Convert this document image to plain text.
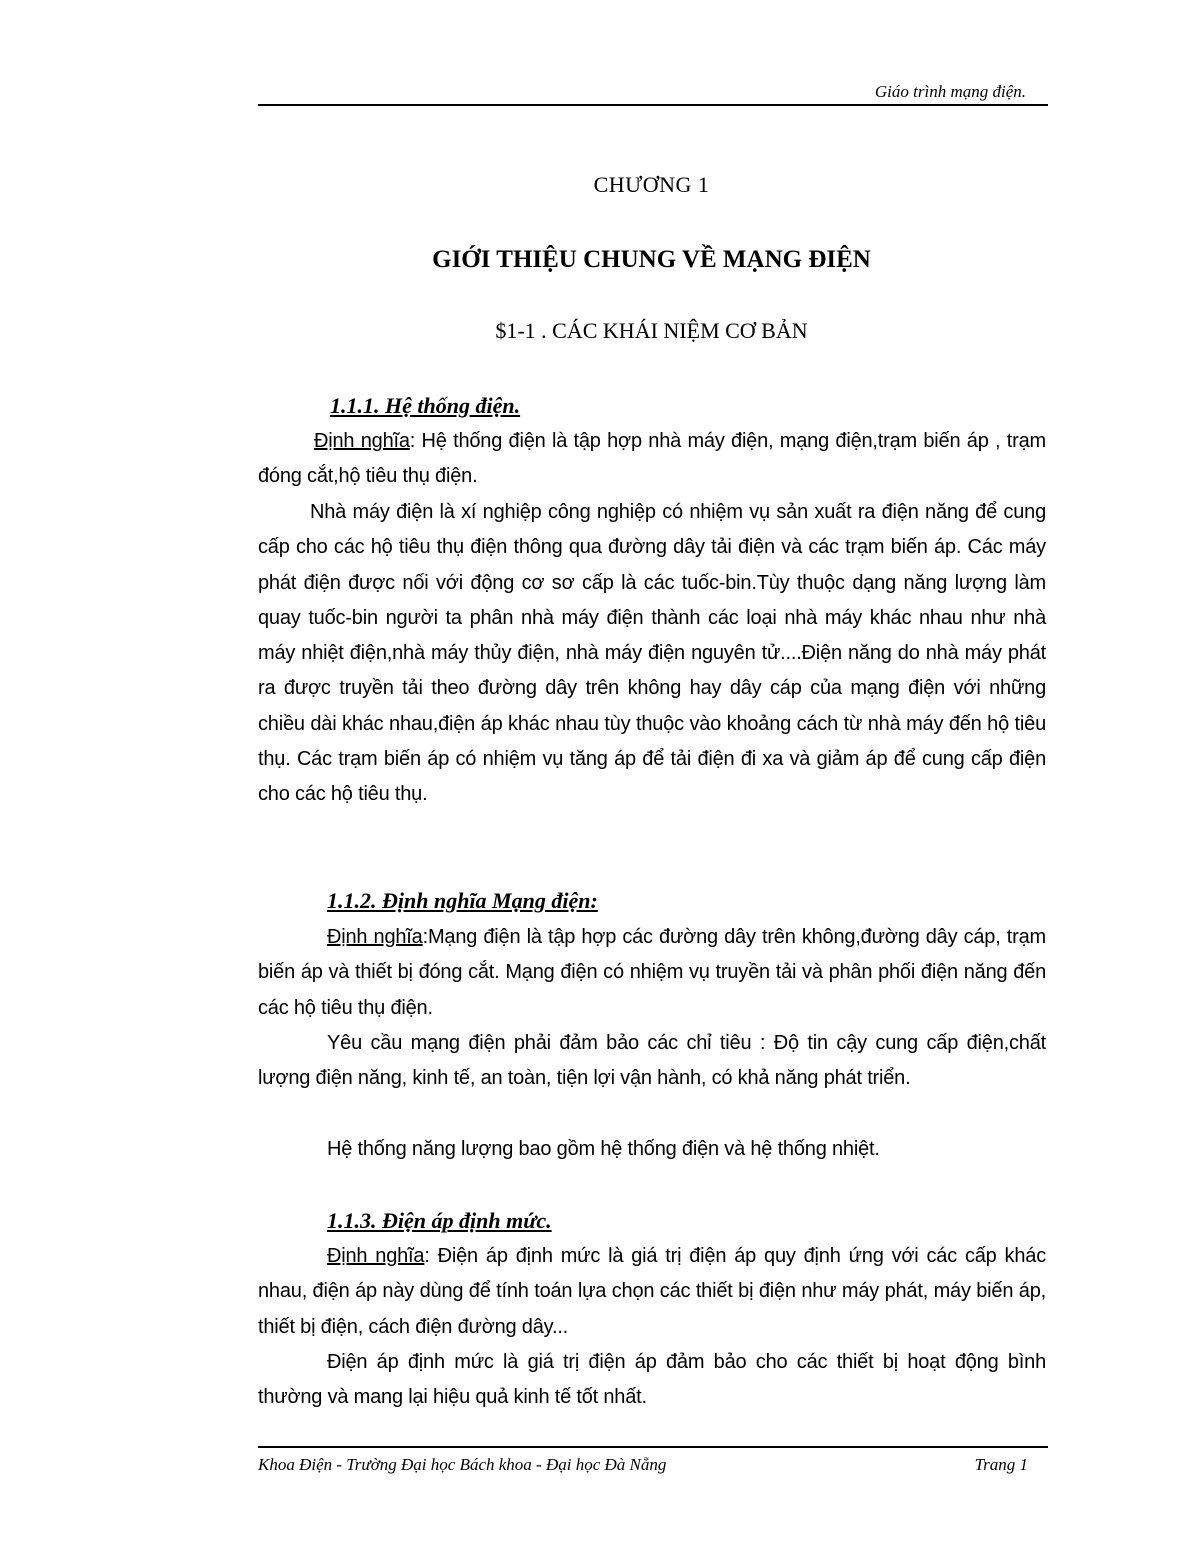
Giáo trình mạng điện.
CHƯƠNG 1
GIỚI THIỆU CHUNG VỀ MẠNG ĐIỆN
$1-1 . CÁC KHÁI NIỆM CƠ BẢN
1.1.1. Hệ thống điện.
Định nghĩa: Hệ thống điện là tập hợp nhà máy điện, mạng điện,trạm biến áp , trạm đóng cắt,hộ tiêu thụ điện.
Nhà máy điện là xí nghiệp công nghiệp có nhiệm vụ sản xuất ra điện năng để cung cấp cho các hộ tiêu thụ điện thông qua đường dây tải điện và các trạm biến áp. Các máy phát điện được nối với động cơ sơ cấp là các tuốc-bin.Tùy thuộc dạng năng lượng làm quay tuốc-bin người ta phân nhà máy điện thành các loại nhà máy khác nhau như nhà máy nhiệt điện,nhà máy thủy điện, nhà máy điện nguyên tử....Điện năng do nhà máy phát ra được truyền tải theo đường dây trên không hay dây cáp của mạng điện với những chiều dài khác nhau,điện áp khác nhau tùy thuộc vào khoảng cách từ nhà máy đến hộ tiêu thụ. Các trạm biến áp có nhiệm vụ tăng áp để tải điện đi xa và giảm áp để cung cấp điện cho các hộ tiêu thụ.
1.1.2. Định nghĩa Mạng điện:
Định nghĩa:Mạng điện là tập hợp các đường dây trên không,đường dây cáp, trạm biến áp và thiết bị đóng cắt. Mạng điện có nhiệm vụ truyền tải và phân phối điện năng đến các hộ tiêu thụ điện.
Yêu cầu mạng điện phải đảm bảo các chỉ tiêu : Độ tin cậy cung cấp điện,chất lượng điện năng, kinh tế, an toàn, tiện lợi vận hành, có khả năng phát triển.
Hệ thống năng lượng bao gồm hệ thống điện và hệ thống nhiệt.
1.1.3. Điện áp định mức.
Định nghĩa: Điện áp định mức là giá trị điện áp quy định ứng với các cấp khác nhau, điện áp này dùng để tính toán lựa chọn các thiết bị điện như máy phát, máy biến áp, thiết bị điện, cách điện đường dây...
Điện áp định mức là giá trị điện áp đảm bảo cho các thiết bị hoạt động bình thường và mang lại hiệu quả kinh tế tốt nhất.
Khoa Điện - Trường Đại học Bách khoa - Đại học Đà Nẵng	Trang 1
